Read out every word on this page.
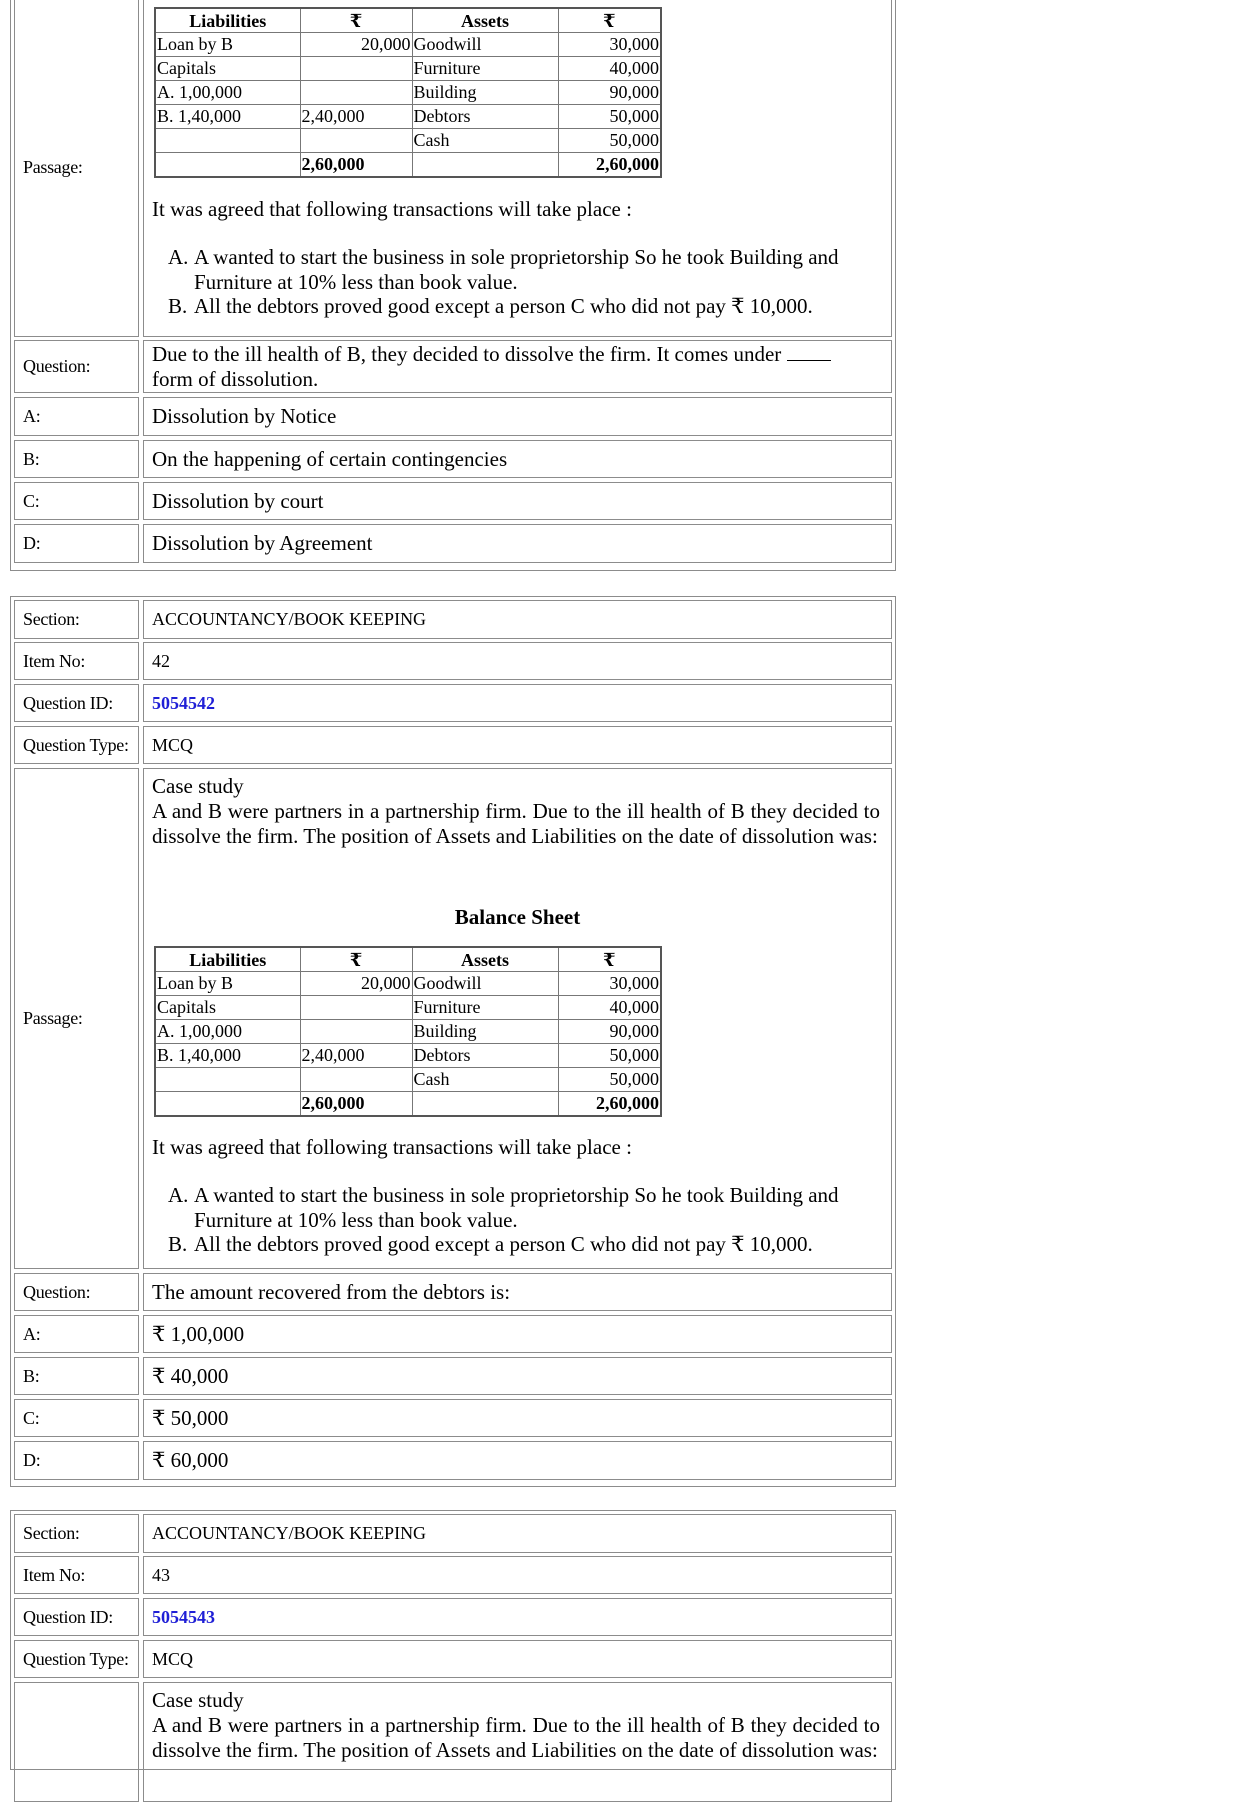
Passage:
Liabilities	₹	Assets	₹
Loan by B	20,000	Goodwill	30,000
Capitals		Furniture	40,000
A. 1,00,000		Building	90,000
B. 1,40,000	2,40,000	Debtors	50,000
		Cash	50,000
	2,60,000		2,60,000
It was agreed that following transactions will take place :
A. A wanted to start the business in sole proprietorship So he took Building and Furniture at 10% less than book value.
B. All the debtors proved good except a person C who did not pay ₹ 10,000.
Question:	Due to the ill health of B, they decided to dissolve the firm. It comes under
form of dissolution.
A:	Dissolution by Notice
B:	On the happening of certain contingencies
C:	Dissolution by court
D:	Dissolution by Agreement
Section:	ACCOUNTANCY/BOOK KEEPING
Item No:	42
Question ID:	5054542
Question Type:	MCQ
Passage:
Case study
A and B were partners in a partnership firm. Due to the ill health of B they decided to dissolve the firm. The position of Assets and Liabilities on the date of dissolution was:
Balance Sheet
Liabilities	₹	Assets	₹
Loan by B	20,000	Goodwill	30,000
Capitals		Furniture	40,000
A. 1,00,000		Building	90,000
B. 1,40,000	2,40,000	Debtors	50,000
		Cash	50,000
	2,60,000		2,60,000
It was agreed that following transactions will take place :
A. A wanted to start the business in sole proprietorship So he took Building and Furniture at 10% less than book value.
B. All the debtors proved good except a person C who did not pay ₹ 10,000.
Question:	The amount recovered from the debtors is:
A:	₹ 1,00,000
B:	₹ 40,000
C:	₹ 50,000
D:	₹ 60,000
Section:	ACCOUNTANCY/BOOK KEEPING
Item No:	43
Question ID:	5054543
Question Type:	MCQ
Case study
A and B were partners in a partnership firm. Due to the ill health of B they decided to dissolve the firm. The position of Assets and Liabilities on the date of dissolution was:
